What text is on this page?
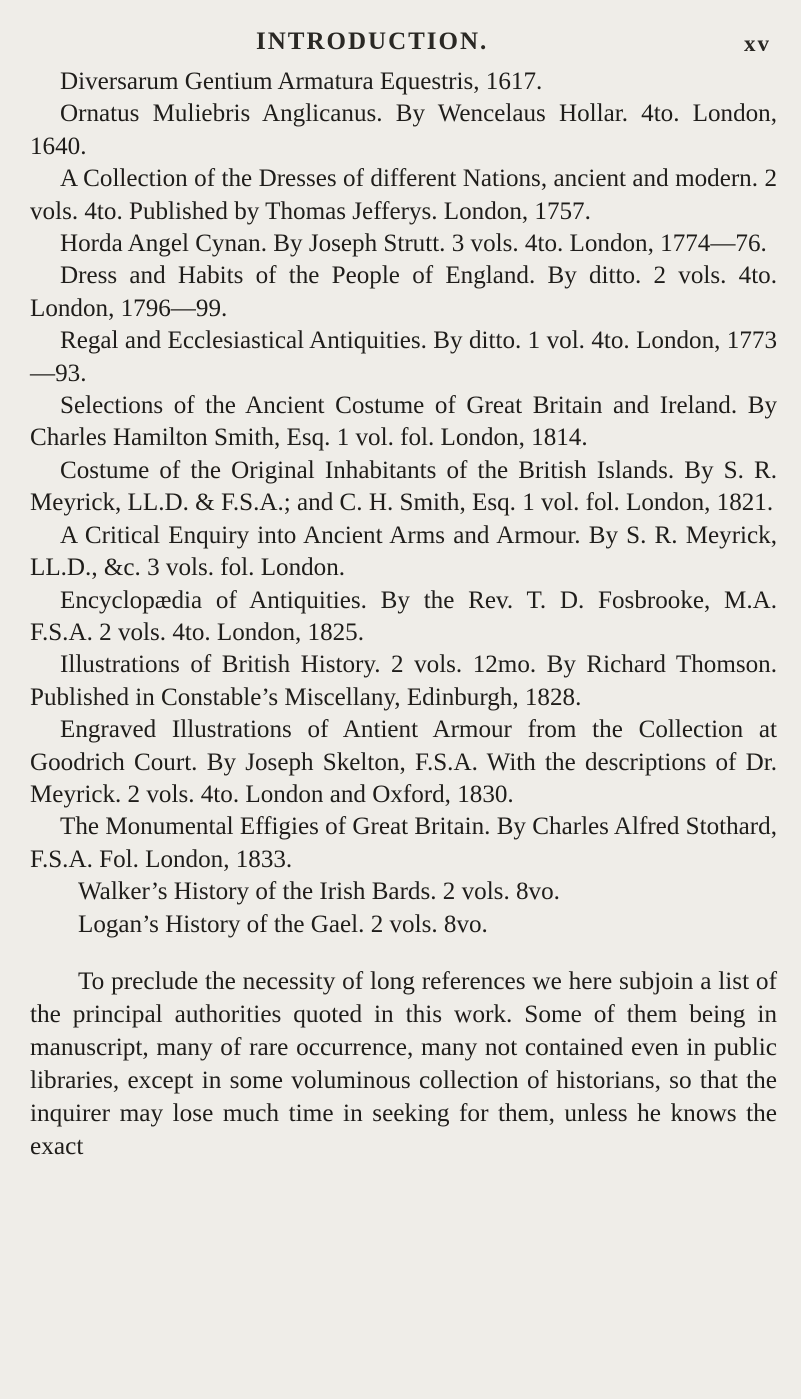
INTRODUCTION.	xv

Diversarum Gentium Armatura Equestris, 1617.

Ornatus Muliebris Anglicanus. By Wencelaus Hollar. 4to. London, 1640.

A Collection of the Dresses of different Nations, ancient and modern. 2 vols. 4to. Published by Thomas Jefferys. London, 1757.

Horda Angel Cynan. By Joseph Strutt. 3 vols. 4to. London, 1774—76.

Dress and Habits of the People of England. By ditto. 2 vols. 4to. London, 1796—99.

Regal and Ecclesiastical Antiquities. By ditto. 1 vol. 4to. London, 1773—93.

Selections of the Ancient Costume of Great Britain and Ireland. By Charles Hamilton Smith, Esq. 1 vol. fol. London, 1814.

Costume of the Original Inhabitants of the British Islands. By S. R. Meyrick, LL.D. & F.S.A.; and C. H. Smith, Esq. 1 vol. fol. London, 1821.

A Critical Enquiry into Ancient Arms and Armour. By S. R. Meyrick, LL.D., &c. 3 vols. fol. London.

Encyclopædia of Antiquities. By the Rev. T. D. Fosbrooke, M.A. F.S.A. 2 vols. 4to. London, 1825.

Illustrations of British History. 2 vols. 12mo. By Richard Thomson. Published in Constable’s Miscellany, Edinburgh, 1828.

Engraved Illustrations of Antient Armour from the Collection at Goodrich Court. By Joseph Skelton, F.S.A. With the descriptions of Dr. Meyrick. 2 vols. 4to. London and Oxford, 1830.

The Monumental Effigies of Great Britain. By Charles Alfred Stothard, F.S.A. Fol. London, 1833.

Walker’s History of the Irish Bards. 2 vols. 8vo.

Logan’s History of the Gael. 2 vols. 8vo.

To preclude the necessity of long references we here subjoin a list of the principal authorities quoted in this work. Some of them being in manuscript, many of rare occurrence, many not contained even in public libraries, except in some voluminous collection of historians, so that the inquirer may lose much time in seeking for them, unless he knows the exact
